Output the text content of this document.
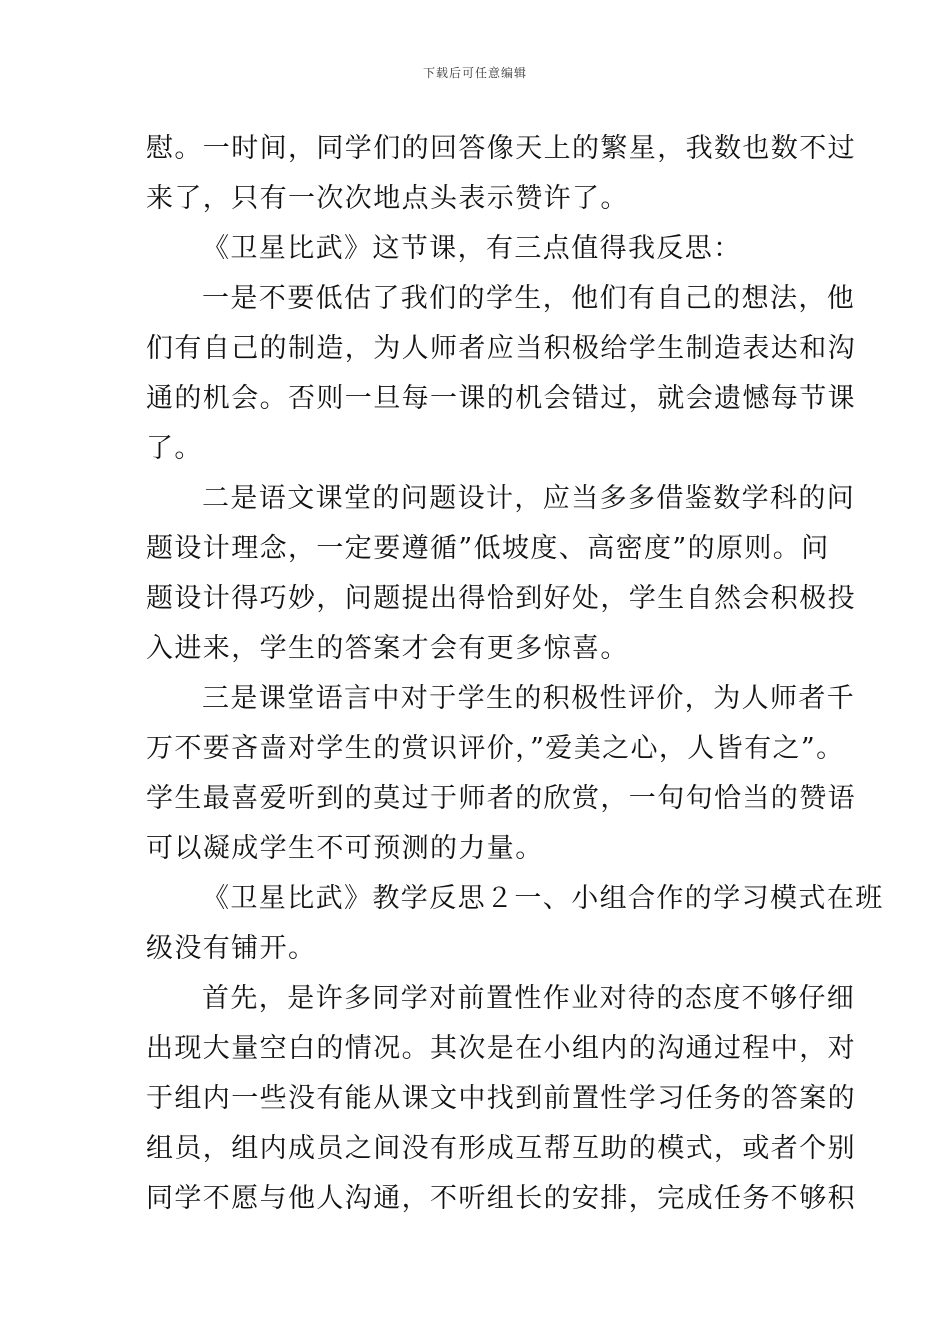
下载后可任意编辑
慰。一时间，同学们的回答像天上的繁星，我数也数不过
来了，只有一次次地点头表示赞许了。
《卫星比武》这节课，有三点值得我反思：
一是不要低估了我们的学生，他们有自己的想法，他
们有自己的制造，为人师者应当积极给学生制造表达和沟
通的机会。否则一旦每一课的机会错过，就会遗憾每节课
了。
二是语文课堂的问题设计，应当多多借鉴数学科的问
题设计理念，一定要遵循”低坡度、高密度”的原则。问
题设计得巧妙，问题提出得恰到好处，学生自然会积极投
入进来，学生的答案才会有更多惊喜。
三是课堂语言中对于学生的积极性评价，为人师者千
万不要吝啬对学生的赏识评价，”爱美之心，人皆有之”。
学生最喜爱听到的莫过于师者的欣赏，一句句恰当的赞语
可以凝成学生不可预测的力量。
《卫星比武》教学反思２一、小组合作的学习模式在班
级没有铺开。
首先，是许多同学对前置性作业对待的态度不够仔细
出现大量空白的情况。其次是在小组内的沟通过程中，对
于组内一些没有能从课文中找到前置性学习任务的答案的
组员，组内成员之间没有形成互帮互助的模式，或者个别
同学不愿与他人沟通，不听组长的安排，完成任务不够积
